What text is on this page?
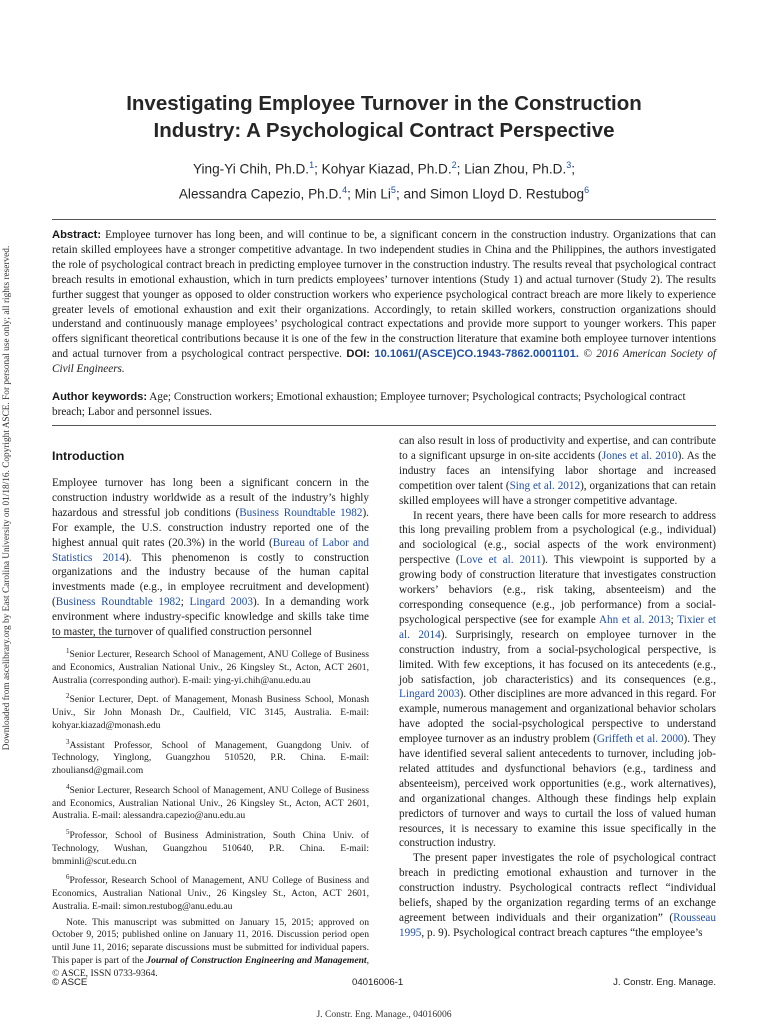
Downloaded from ascelibrary.org by East Carolina University on 01/18/16. Copyright ASCE. For personal use only; all rights reserved.
Investigating Employee Turnover in the Construction
Industry: A Psychological Contract Perspective
Ying-Yi Chih, Ph.D.$^1$; Kohyar Kiazad, Ph.D.$^2$; Lian Zhou, Ph.D.$^3$;
Alessandra Capezio, Ph.D.$^4$; Min Li$^5$; and Simon Lloyd D. Restubog$^6$
Abstract: Employee turnover has long been, and will continue to be, a significant concern in the construction industry. Organizations that can retain skilled employees have a stronger competitive advantage. In two independent studies in China and the Philippines, the authors investigated the role of psychological contract breach in predicting employee turnover in the construction industry. The results reveal that psychological contract breach results in emotional exhaustion, which in turn predicts employees’ turnover intentions (Study 1) and actual turnover (Study 2). The results further suggest that younger as opposed to older construction workers who experience psychological contract breach are more likely to experience greater levels of emotional exhaustion and exit their organizations. Accordingly, to retain skilled workers, construction organizations should understand and continuously manage employees’ psychological contract expectations and provide more support to younger workers. This paper offers significant theoretical contributions because it is one of the few in the construction literature that examine both employee turnover intentions and actual turnover from a psychological contract perspective. DOI: 10.1061/(ASCE)CO.1943-7862.0001101. © 2016 American Society of Civil Engineers.
Author keywords: Age; Construction workers; Emotional exhaustion; Employee turnover; Psychological contracts; Psychological contract breach; Labor and personnel issues.
Introduction

Employee turnover has long been a significant concern in the construction industry worldwide as a result of the industry’s highly hazardous and stressful job conditions (Business Roundtable 1982). For example, the U.S. construction industry reported one of the highest annual quit rates (20.3%) in the world (Bureau of Labor and Statistics 2014). This phenomenon is costly to construction organizations and the industry because of the human capital investments made (e.g., in employee recruitment and development) (Business Roundtable 1982; Lingard 2003). In a demanding work environment where industry-specific knowledge and skills take time to master, the turnover of qualified construction personnel

$^1$Senior Lecturer, Research School of Management, ANU College of Business and Economics, Australian National Univ., 26 Kingsley St., Acton, ACT 2601, Australia (corresponding author). E-mail: ying-yi.chih@anu.edu.au

$^2$Senior Lecturer, Dept. of Management, Monash Business School, Monash Univ., Sir John Monash Dr., Caulfield, VIC 3145, Australia. E-mail: kohyar.kiazad@monash.edu

$^3$Assistant Professor, School of Management, Guangdong Univ. of Technology, Yinglong, Guangzhou 510520, P.R. China. E-mail: zhouliansd@gmail.com

$^4$Senior Lecturer, Research School of Management, ANU College of Business and Economics, Australian National Univ., 26 Kingsley St., Acton, ACT 2601, Australia. E-mail: alessandra.capezio@anu.edu.au

$^5$Professor, School of Business Administration, South China Univ. of Technology, Wushan, Guangzhou 510640, P.R. China. E-mail: bmminli@scut.edu.cn

$^6$Professor, Research School of Management, ANU College of Business and Economics, Australian National Univ., 26 Kingsley St., Acton, ACT 2601, Australia. E-mail: simon.restubog@anu.edu.au

Note. This manuscript was submitted on January 15, 2015; approved on October 9, 2015; published online on January 11, 2016. Discussion period open until June 11, 2016; separate discussions must be submitted for individual papers. This paper is part of the Journal of Construction Engineering and Management, © ASCE, ISSN 0733-9364.

can also result in loss of productivity and expertise, and can contribute to a significant upsurge in on-site accidents (Jones et al. 2010). As the industry faces an intensifying labor shortage and increased competition over talent (Sing et al. 2012), organizations that can retain skilled employees will have a stronger competitive advantage.

In recent years, there have been calls for more research to address this long prevailing problem from a psychological (e.g., individual) and sociological (e.g., social aspects of the work environment) perspective (Love et al. 2011). This viewpoint is supported by a growing body of construction literature that investigates construction workers’ behaviors (e.g., risk taking, absenteeism) and the corresponding consequence (e.g., job performance) from a social-psychological perspective (see for example Ahn et al. 2013; Tixier et al. 2014). Surprisingly, research on employee turnover in the construction industry, from a social-psychological perspective, is limited. With few exceptions, it has focused on its antecedents (e.g., job satisfaction, job characteristics) and its consequences (e.g., Lingard 2003). Other disciplines are more advanced in this regard. For example, numerous management and organizational behavior scholars have adopted the social-psychological perspective to understand employee turnover as an industry problem (Griffeth et al. 2000). They have identified several salient antecedents to turnover, including job-related attitudes and dysfunctional behaviors (e.g., tardiness and absenteeism), perceived work opportunities (e.g., work alternatives), and organizational changes. Although these findings help explain predictors of turnover and ways to curtail the loss of valued human resources, it is necessary to examine this issue specifically in the construction industry.

The present paper investigates the role of psychological contract breach in predicting emotional exhaustion and turnover in the construction industry. Psychological contracts reflect “individual beliefs, shaped by the organization regarding terms of an exchange agreement between individuals and their organization” (Rousseau 1995, p. 9). Psychological contract breach captures “the employee’s

© ASCE	04016006-1	J. Constr. Eng. Manage.
J. Constr. Eng. Manage., 04016006
